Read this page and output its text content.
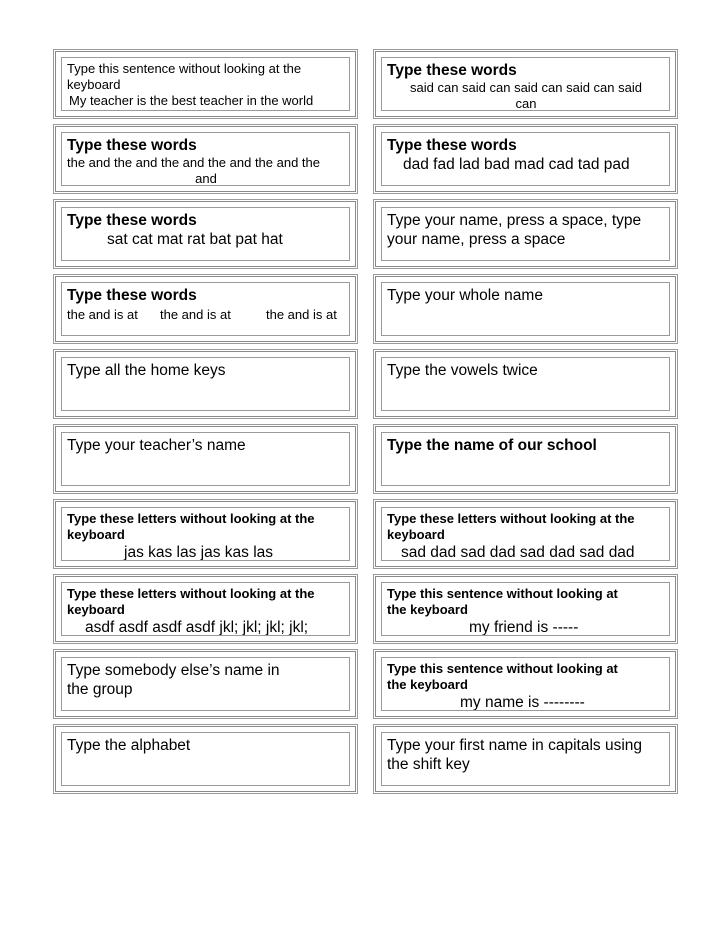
Type this sentence without looking at the
keyboard
My teacher is the best teacher in the world
Type these words
said can said can said can said can said
can
Type these words
the and the and the and the and the and the
and
Type these words
dad fad lad bad mad cad tad pad
Type these words
sat cat mat rat bat pat hat
Type your name, press a space, type your name, press a space
Type these words
the and is at the and is at	the and is at
Type your whole name
Type all the home keys	Type the vowels twice
Type your teacher’s name	Type the name of our school
Type these letters without looking at the
keyboard
jas kas las jas kas las
Type these letters without looking at the
keyboard
sad dad sad dad sad dad sad dad
Type these letters without looking at the
keyboard
asdf asdf asdf asdf jkl; jkl; jkl; jkl;
Type this sentence without looking at
the keyboard
my friend is -----
Type somebody else’s name in the group
Type this sentence without looking at
the keyboard
my name is --------
Type the alphabet	Type your first name in capitals using the shift key
